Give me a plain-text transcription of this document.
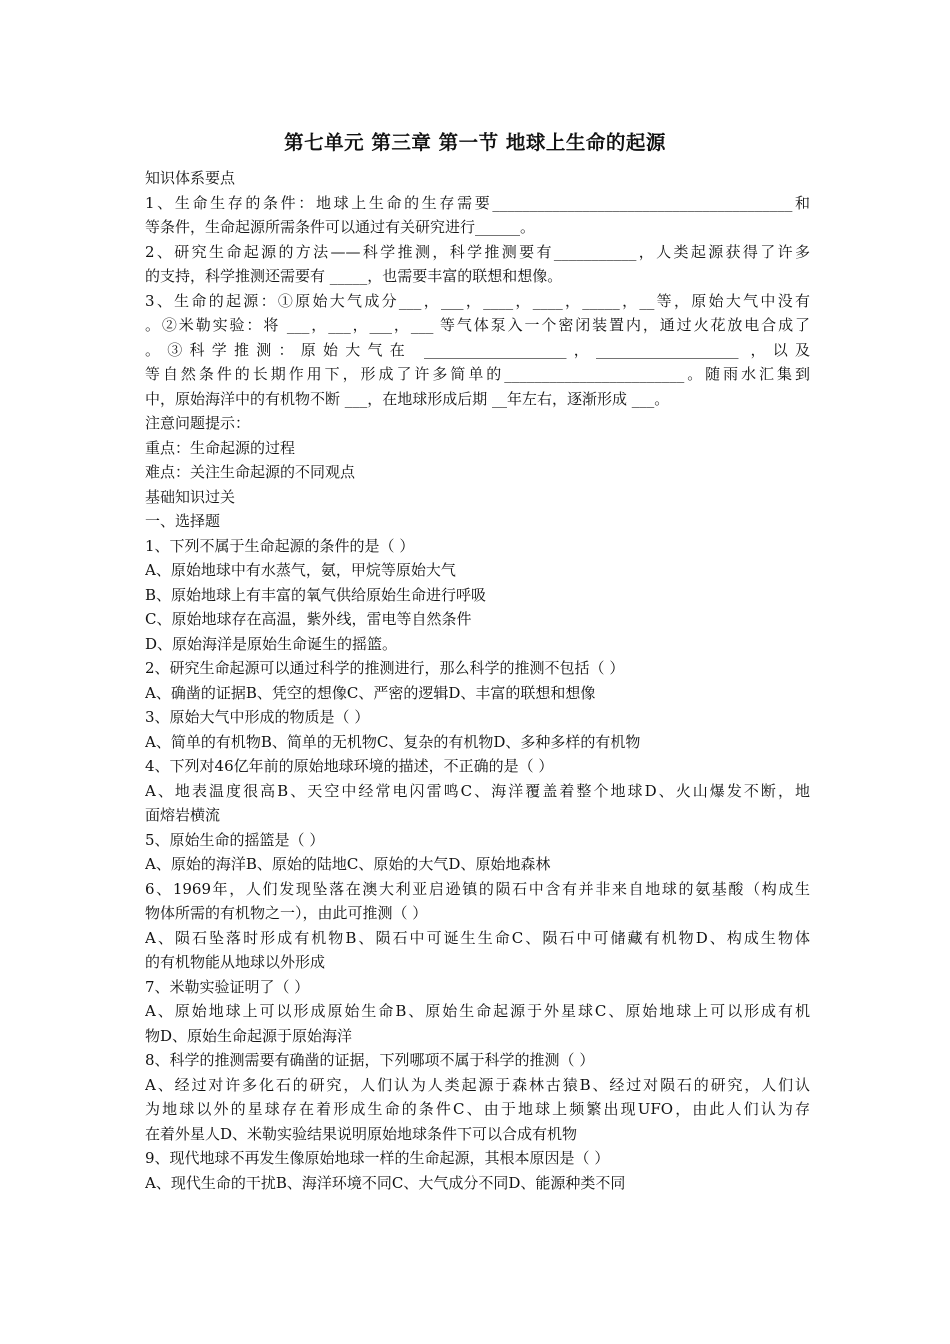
第七单元 第三章 第一节 地球上生命的起源
知识体系要点
1、生命生存的条件：地球上生命的生存需要________________________________________和
等条件，生命起源所需条件可以通过有关研究进行______。
2、研究生命起源的方法——科学推测，科学推测要有___________，人类起源获得了许多
的支持，科学推测还需要有 _____，也需要丰富的联想和想像。
3、生命的起源：①原始大气成分___，___，____，____，_____，__等，原始大气中没有
。②米勒实验：将 ___，___，___，___ 等气体泵入一个密闭装置内，通过火花放电合成了
。③科学推测：原始大气在 ___________________，___________________ ，以及
等自然条件的长期作用下，形成了许多简单的________________________。随雨水汇集到
中，原始海洋中的有机物不断 ___，在地球形成后期 __年左右，逐渐形成 ___。
注意问题提示：
重点：生命起源的过程
难点：关注生命起源的不同观点
基础知识过关
一、选择题
1、下列不属于生命起源的条件的是（ ）
A、原始地球中有水蒸气，氨，甲烷等原始大气
B、原始地球上有丰富的氧气供给原始生命进行呼吸
C、原始地球存在高温，紫外线，雷电等自然条件
D、原始海洋是原始生命诞生的摇篮。
2、研究生命起源可以通过科学的推测进行，那么科学的推测不包括（ ）
A、确凿的证据B、凭空的想像C、严密的逻辑D、丰富的联想和想像
3、原始大气中形成的物质是（ ）
A、简单的有机物B、简单的无机物C、复杂的有机物D、多种多样的有机物
4、下列对46亿年前的原始地球环境的描述，不正确的是（ ）
A、地表温度很高B、天空中经常电闪雷鸣C、海洋覆盖着整个地球D、火山爆发不断，地
面熔岩横流
5、原始生命的摇篮是（ ）
A、原始的海洋B、原始的陆地C、原始的大气D、原始地森林
6、1969年，人们发现坠落在澳大利亚启逊镇的陨石中含有并非来自地球的氨基酸（构成生
物体所需的有机物之一），由此可推测（ ）
A、陨石坠落时形成有机物B、陨石中可诞生生命C、陨石中可储藏有机物D、构成生物体
的有机物能从地球以外形成
7、米勒实验证明了（ ）
A、原始地球上可以形成原始生命B、原始生命起源于外星球C、原始地球上可以形成有机
物D、原始生命起源于原始海洋
8、科学的推测需要有确凿的证据，下列哪项不属于科学的推测（ ）
A、经过对许多化石的研究，人们认为人类起源于森林古猿B、经过对陨石的研究，人们认
为地球以外的星球存在着形成生命的条件C、由于地球上频繁出现UFO，由此人们认为存
在着外星人D、米勒实验结果说明原始地球条件下可以合成有机物
9、现代地球不再发生像原始地球一样的生命起源，其根本原因是（ ）
A、现代生命的干扰B、海洋环境不同C、大气成分不同D、能源种类不同
